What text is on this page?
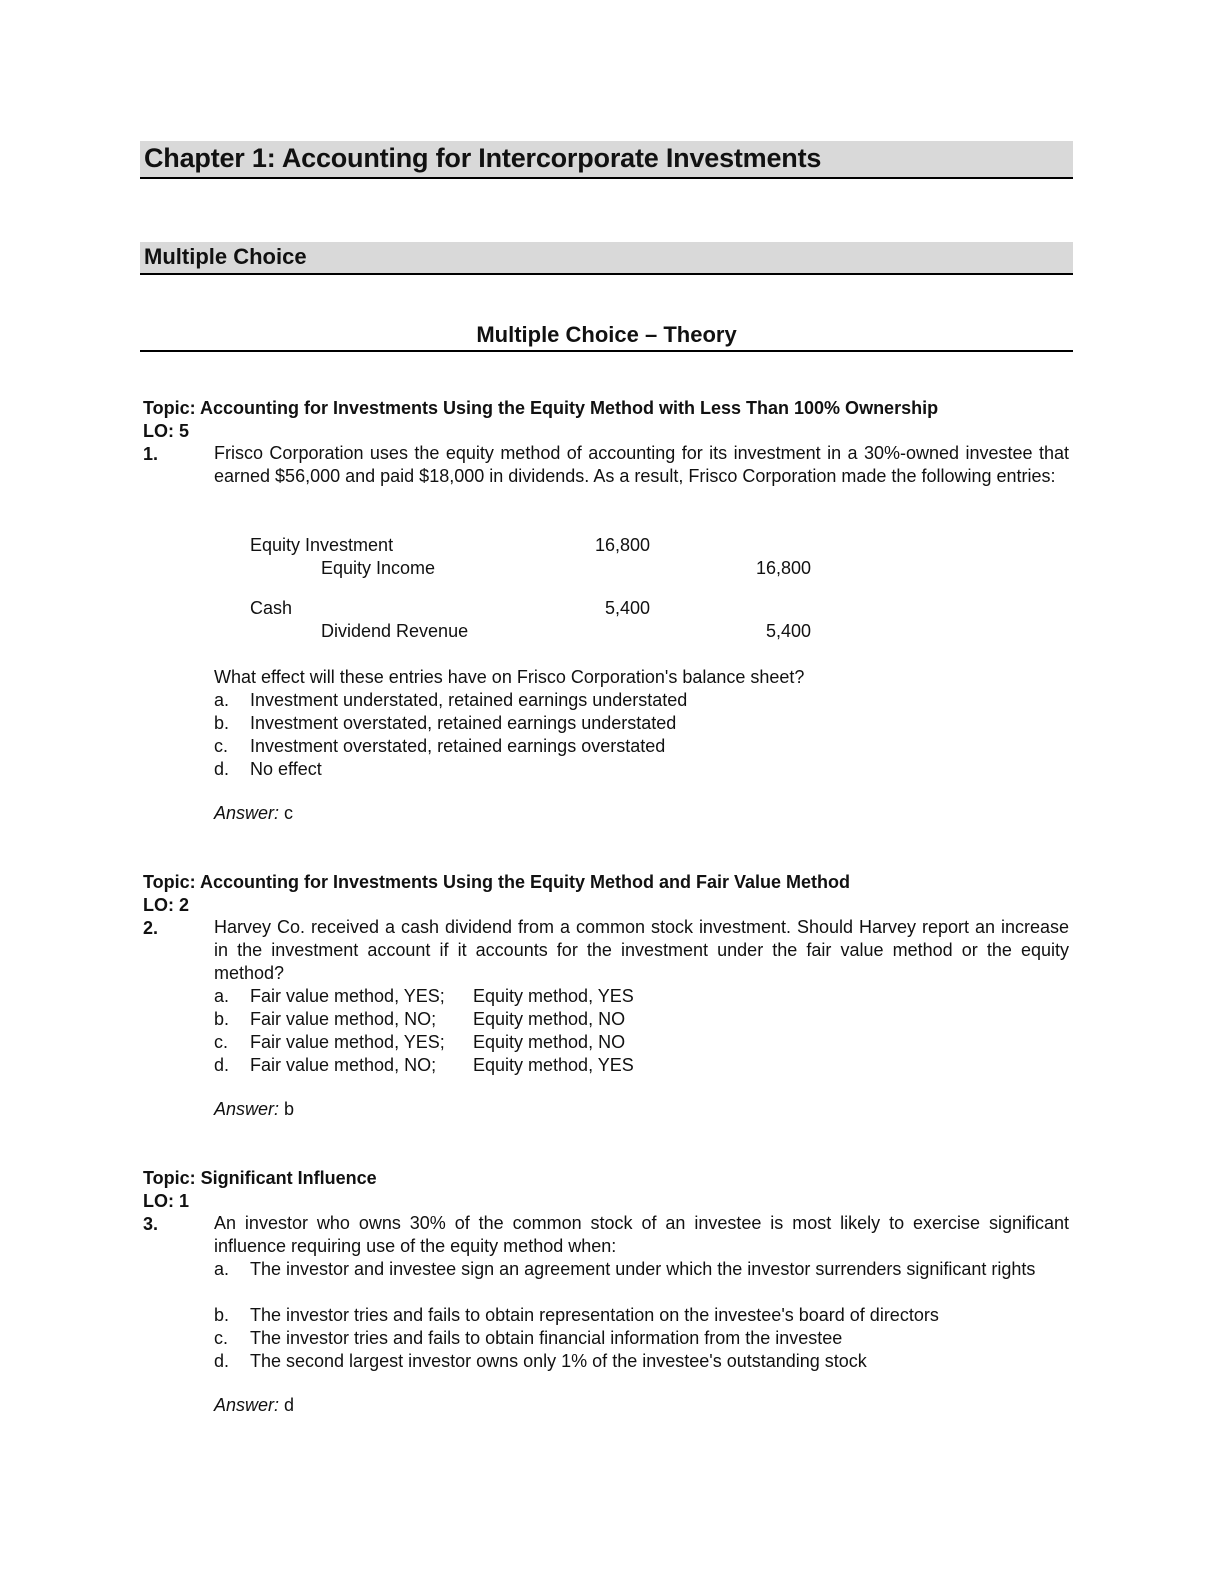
Chapter 1: Accounting for Intercorporate Investments
Multiple Choice
Multiple Choice – Theory
Topic: Accounting for Investments Using the Equity Method with Less Than 100% Ownership
LO: 5
1.	Frisco Corporation uses the equity method of accounting for its investment in a 30%-owned investee that earned $56,000 and paid $18,000 in dividends. As a result, Frisco Corporation made the following entries:
Equity Investment	16,800
Equity Income	16,800
Cash	5,400
Dividend Revenue	5,400
What effect will these entries have on Frisco Corporation's balance sheet?
a. Investment understated, retained earnings understated
b. Investment overstated, retained earnings understated
c. Investment overstated, retained earnings overstated
d. No effect
Answer: c
Topic: Accounting for Investments Using the Equity Method and Fair Value Method
LO: 2
2.	Harvey Co. received a cash dividend from a common stock investment. Should Harvey report an increase in the investment account if it accounts for the investment under the fair value method or the equity method?
a. Fair value method, YES; Equity method, YES
b. Fair value method, NO; Equity method, NO
c. Fair value method, YES; Equity method, NO
d. Fair value method, NO; Equity method, YES
Answer: b
Topic: Significant Influence
LO: 1
3.	An investor who owns 30% of the common stock of an investee is most likely to exercise significant influence requiring use of the equity method when:
a. The investor and investee sign an agreement under which the investor surrenders significant rights
b. The investor tries and fails to obtain representation on the investee's board of directors
c. The investor tries and fails to obtain financial information from the investee
d. The second largest investor owns only 1% of the investee's outstanding stock
Answer: d
